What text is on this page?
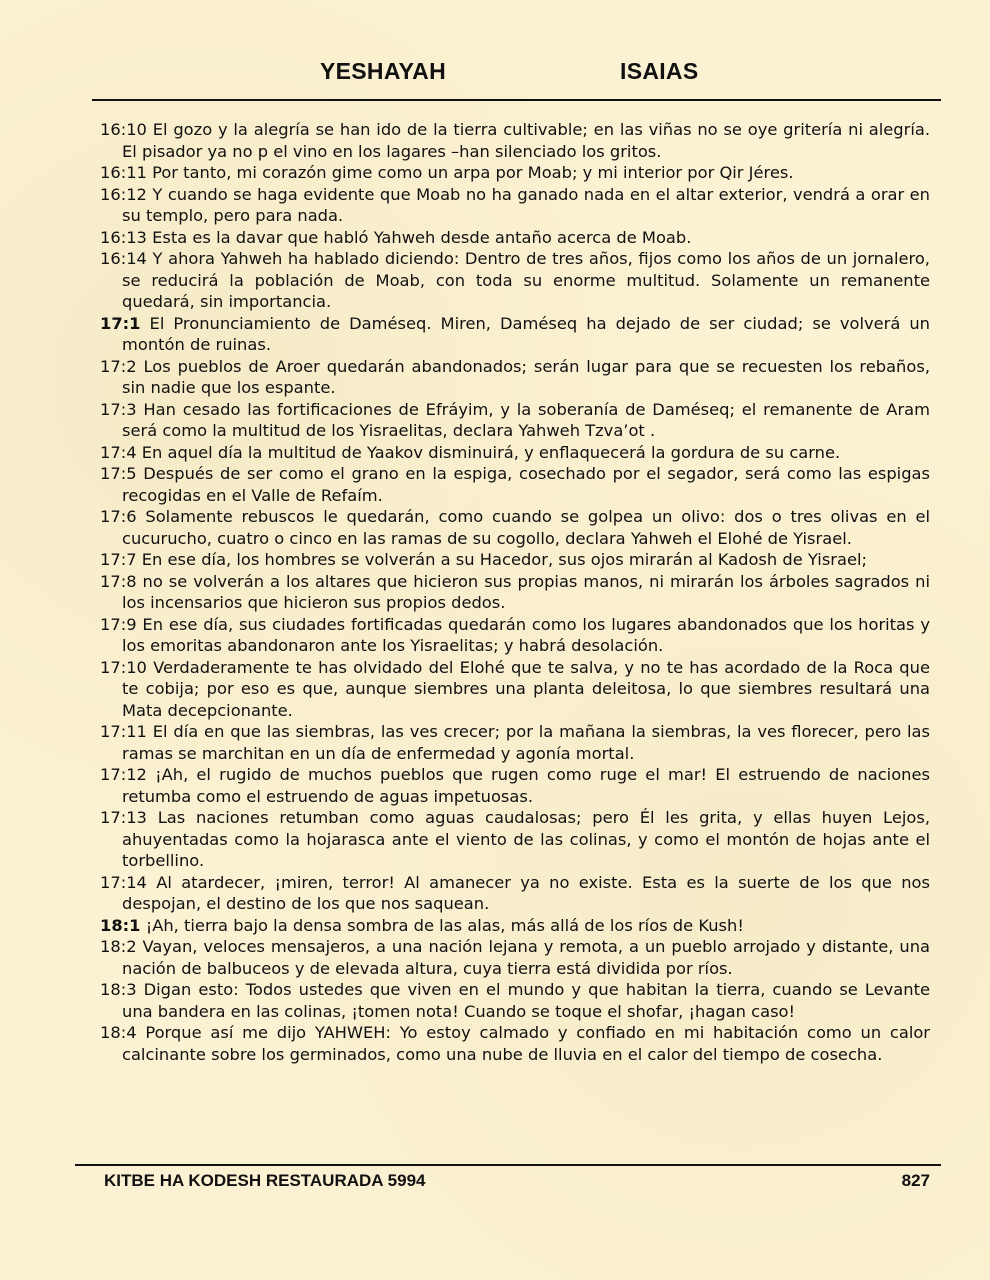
YESHAYAH	ISAIAS

16:10 El gozo y la alegría se han ido de la tierra cultivable; en las viñas no se oye gritería ni alegría. El pisador ya no p el vino en los lagares –han silenciado los gritos.

16:11 Por tanto, mi corazón gime como un arpa por Moab; y mi interior por Qir Jéres.

16:12 Y cuando se haga evidente que Moab no ha ganado nada en el altar exterior, vendrá a orar en su templo, pero para nada.

16:13 Esta es la davar que habló Yahweh desde antaño acerca de Moab.

16:14 Y ahora Yahweh ha hablado diciendo: Dentro de tres años, fijos como los años de un jornalero, se reducirá la población de Moab, con toda su enorme multitud. Solamente un remanente quedará, sin importancia.

17:1 El Pronunciamiento de Daméseq. Miren, Daméseq ha dejado de ser ciudad; se volverá un montón de ruinas.

17:2 Los pueblos de Aroer quedarán abandonados; serán lugar para que se recuesten los rebaños, sin nadie que los espante.

17:3 Han cesado las fortificaciones de Efráyim, y la soberanía de Daméseq; el remanente de Aram será como la multitud de los Yisraelitas, declara Yahweh Tzva’ot .

17:4 En aquel día la multitud de Yaakov disminuirá, y enflaquecerá la gordura de su carne.

17:5 Después de ser como el grano en la espiga, cosechado por el segador, será como las espigas recogidas en el Valle de Refaím.

17:6 Solamente rebuscos le quedarán, como cuando se golpea un olivo: dos o tres olivas en el cucurucho, cuatro o cinco en las ramas de su cogollo, declara Yahweh el Elohé de Yisrael.

17:7 En ese día, los hombres se volverán a su Hacedor, sus ojos mirarán al Kadosh de Yisrael;

17:8 no se volverán a los altares que hicieron sus propias manos, ni mirarán los árboles sagrados ni los incensarios que hicieron sus propios dedos.

17:9 En ese día, sus ciudades fortificadas quedarán como los lugares abandonados que los horitas y los emoritas abandonaron ante los Yisraelitas; y habrá desolación.

17:10 Verdaderamente te has olvidado del Elohé que te salva, y no te has acordado de la Roca que te cobija; por eso es que, aunque siembres una planta deleitosa, lo que siembres resultará una Mata decepcionante.

17:11 El día en que las siembras, las ves crecer; por la mañana la siembras, la ves florecer, pero las ramas se marchitan en un día de enfermedad y agonía mortal.

17:12 ¡Ah, el rugido de muchos pueblos que rugen como ruge el mar! El estruendo de naciones retumba como el estruendo de aguas impetuosas.

17:13 Las naciones retumban como aguas caudalosas; pero Él les grita, y ellas huyen Lejos, ahuyentadas como la hojarasca ante el viento de las colinas, y como el montón de hojas ante el torbellino.

17:14 Al atardecer, ¡miren, terror! Al amanecer ya no existe. Esta es la suerte de los que nos despojan, el destino de los que nos saquean.

18:1 ¡Ah, tierra bajo la densa sombra de las alas, más allá de los ríos de Kush!

18:2 Vayan, veloces mensajeros, a una nación lejana y remota, a un pueblo arrojado y distante, una nación de balbuceos y de elevada altura, cuya tierra está dividida por ríos.

18:3 Digan esto: Todos ustedes que viven en el mundo y que habitan la tierra, cuando se Levante una bandera en las colinas, ¡tomen nota! Cuando se toque el shofar, ¡hagan caso!

18:4 Porque así me dijo YAHWEH: Yo estoy calmado y confiado en mi habitación como un calor calcinante sobre los germinados, como una nube de lluvia en el calor del tiempo de cosecha.

KITBE HA KODESH RESTAURADA 5994	827
